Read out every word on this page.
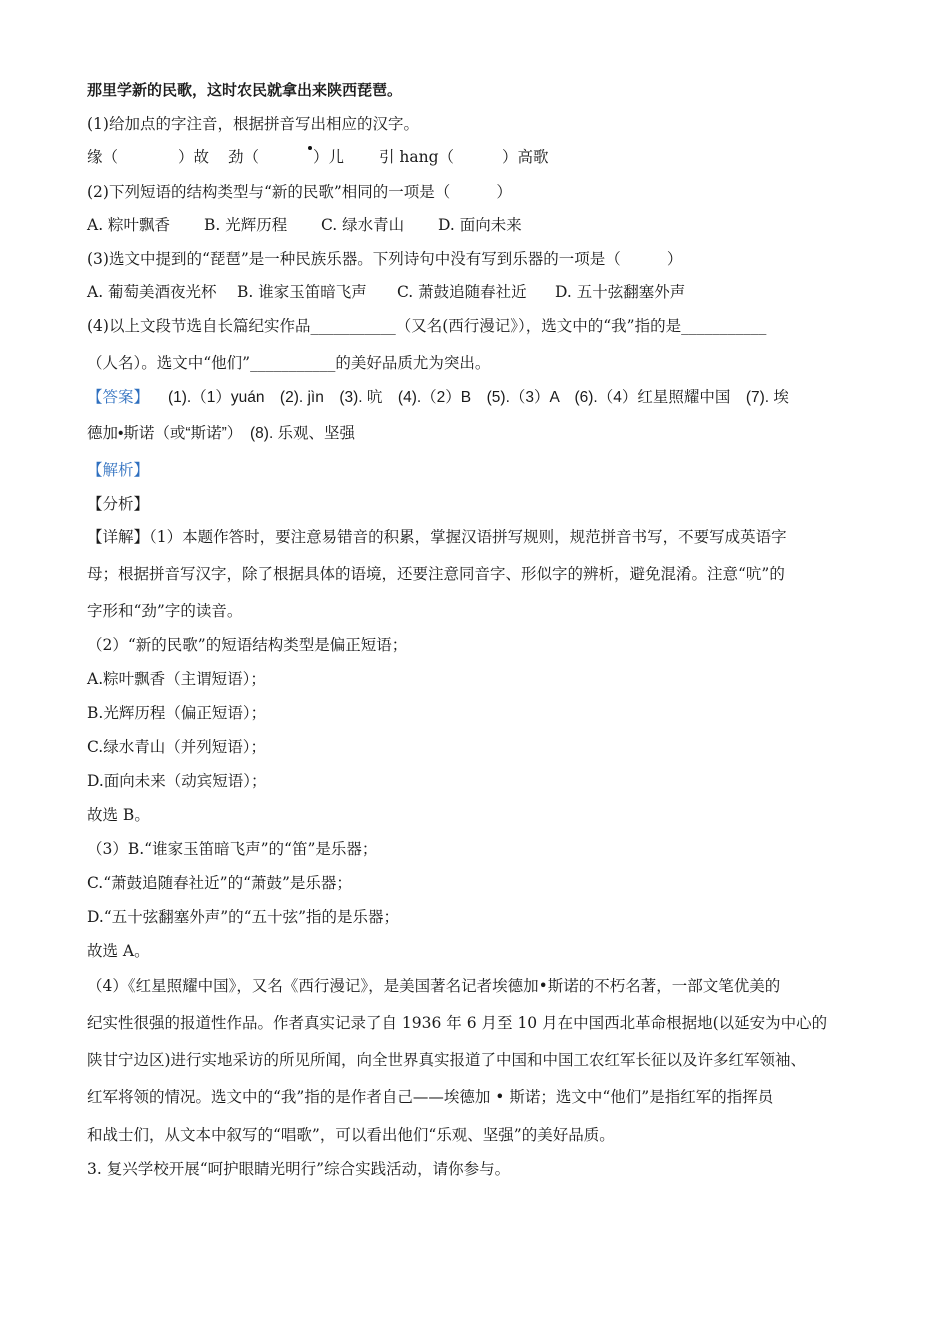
那里学新的民歌，这时农民就拿出来陕西琵琶。
(1)给加点的字注音，根据拼音写出相应的汉字。
缘（	）故 劲（	）儿 引 hang（	）高歌
(2)下列短语的结构类型与“新的民歌”相同的一项是（	）
A. 粽叶飘香 B. 光辉历程 C. 绿水青山 D. 面向未来
(3)选文中提到的“琵琶”是一种民族乐器。下列诗句中没有写到乐器的一项是（	）
A. 葡萄美酒夜光杯 B. 谁家玉笛暗飞声 C. 萧鼓追随春社近 D. 五十弦翻塞外声
(4)以上文段节选自长篇纪实作品___________（又名(西行漫记》），选文中的“我”指的是___________
（人名）。选文中“他们”___________的美好品质尤为突出。
【答案】 (1).（1）yuán　(2). jìn　(3). 吭　(4).（2）B　(5).（3）A　(6).（4）红星照耀中国　(7). 埃
德加•斯诺（或“斯诺”）　(8). 乐观、坚强
【解析】
【分析】
【详解】（1）本题作答时，要注意易错音的积累，掌握汉语拼写规则，规范拼音书写，不要写成英语字
母；根据拼音写汉字，除了根据具体的语境，还要注意同音字、形似字的辨析，避免混淆。注意“吭”的
字形和“劲”字的读音。
（2）“新的民歌”的短语结构类型是偏正短语；
A.粽叶飘香（主谓短语）；
B.光辉历程（偏正短语）；
C.绿水青山（并列短语）；
D.面向未来（动宾短语）；
故选 B。
（3）B.“谁家玉笛暗飞声”的“笛”是乐器；
C.“萧鼓追随春社近”的“萧鼓”是乐器；
D.“五十弦翻塞外声”的“五十弦”指的是乐器；
故选 A。
（4）《红星照耀中国》，又名《西行漫记》，是美国著名记者埃德加•斯诺的不朽名著，一部文笔优美的
纪实性很强的报道性作品。作者真实记录了自 1936 年 6 月至 10 月在中国西北革命根据地(以延安为中心的
陕甘宁边区)进行实地采访的所见所闻，向全世界真实报道了中国和中国工农红军长征以及许多红军领袖、
红军将领的情况。选文中的“我”指的是作者自己——埃德加 • 斯诺；选文中“他们”是指红军的指挥员
和战士们，从文本中叙写的“唱歌”，可以看出他们“乐观、坚强”的美好品质。
3. 复兴学校开展“呵护眼睛光明行”综合实践活动，请你参与。
